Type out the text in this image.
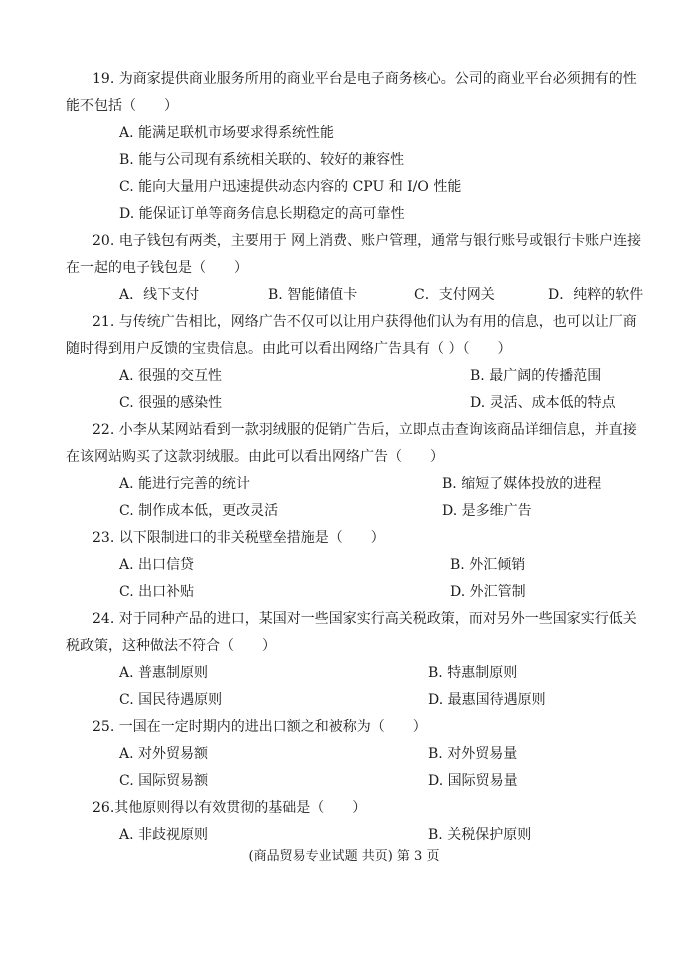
19. 为商家提供商业服务所用的商业平台是电子商务核心。公司的商业平台必须拥有的性
能不包括（　　）
A. 能满足联机市场要求得系统性能
B. 能与公司现有系统相关联的、较好的兼容性
C. 能向大量用户迅速提供动态内容的 CPU 和 I/O 性能
D. 能保证订单等商务信息长期稳定的高可靠性
20. 电子钱包有两类，主要用于 网上消费、账户管理，通常与银行账号或银行卡账户连接
在一起的电子钱包是（　　）
A．线下支付	B. 智能储值卡	C．支付网关	D．纯粹的软件
21. 与传统广告相比，网络广告不仅可以让用户获得他们认为有用的信息，也可以让厂商
随时得到用户反馈的宝贵信息。由此可以看出网络广告具有（ ）（　　）
A. 很强的交互性	B. 最广阔的传播范围
C. 很强的感染性	D. 灵活、成本低的特点
22. 小李从某网站看到一款羽绒服的促销广告后，立即点击查询该商品详细信息，并直接
在该网站购买了这款羽绒服。由此可以看出网络广告（　　）
A. 能进行完善的统计	B. 缩短了媒体投放的进程
C. 制作成本低，更改灵活	D. 是多维广告
23. 以下限制进口的非关税壁垒措施是（　　）
A. 出口信贷	B. 外汇倾销
C. 出口补贴	D. 外汇管制
24. 对于同种产品的进口，某国对一些国家实行高关税政策，而对另外一些国家实行低关
税政策，这种做法不符合（　　）
A. 普惠制原则	B. 特惠制原则
C. 国民待遇原则	D. 最惠国待遇原则
25. 一国在一定时期内的进出口额之和被称为（　　）
A. 对外贸易额	B. 对外贸易量
C. 国际贸易额	D. 国际贸易量
26.其他原则得以有效贯彻的基础是（　　）
A. 非歧视原则	B. 关税保护原则
(商品贸易专业试题 共页) 第 3 页
